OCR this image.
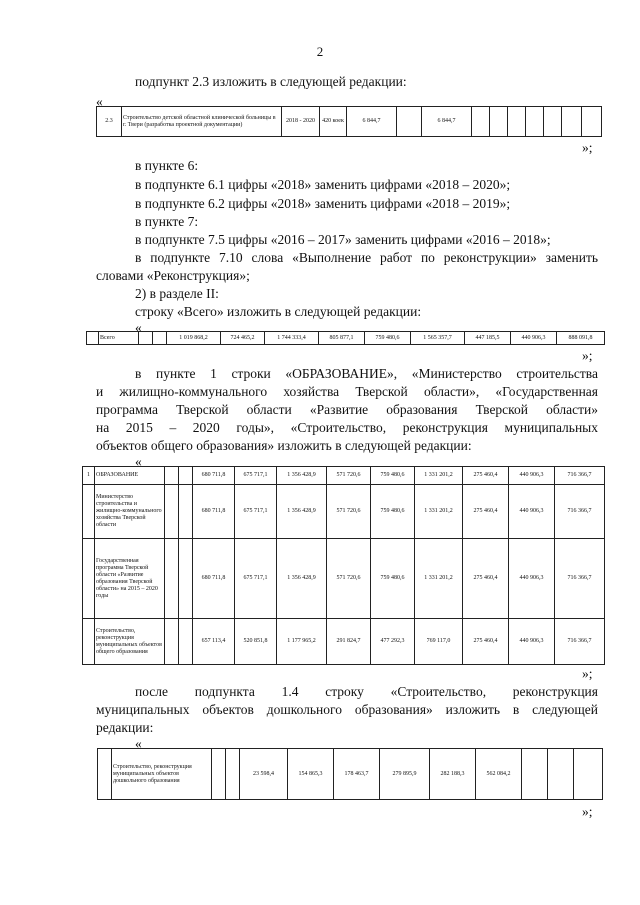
2
подпункт 2.3 изложить в следующей редакции:
«
2.3	Строительство детской областной клинической больницы в г. Твери (разработка проектной документации)	2018 - 2020	420 коек	6 844,7		6 844,7							
»;
в пункте 6:
в подпункте 6.1 цифры «2018» заменить цифрами «2018 – 2020»;
в подпункте 6.2 цифры «2018» заменить цифрами «2018 – 2019»;
в пункте 7:
в подпункте 7.5 цифры «2016 – 2017» заменить цифрами «2016 – 2018»;
в подпункте 7.10 слова «Выполнение работ по реконструкции» заменить
словами «Реконструкция»;
2) в разделе II:
строку «Всего» изложить в следующей редакции:
«
	Всего			1 019 868,2	724 465,2	1 744 333,4	805 877,1	759 480,6	1 565 357,7	447 185,5	440 906,3	888 091,8
»;
в пункте 1 строки «ОБРАЗОВАНИЕ», «Министерство строительства
и жилищно-коммунального хозяйства Тверской области», «Государственная
программа Тверской области «Развитие образования Тверской области»
на 2015 – 2020 годы», «Строительство, реконструкция муниципальных
объектов общего образования» изложить в следующей редакции:
«
1	ОБРАЗОВАНИЕ			680 711,8	675 717,1	1 356 428,9	571 720,6	759 480,6	1 331 201,2	275 460,4	440 906,3	716 366,7
	Министерство строительства и жилищно-коммунального хозяйства Тверской области			680 711,8	675 717,1	1 356 428,9	571 720,6	759 480,6	1 331 201,2	275 460,4	440 906,3	716 366,7
	Государственная программа Тверской области «Развитие образования Тверской области» на 2015 – 2020 годы			680 711,8	675 717,1	1 356 428,9	571 720,6	759 480,6	1 331 201,2	275 460,4	440 906,3	716 366,7
	Строительство, реконструкция муниципальных объектов общего образования			657 113,4	520 851,8	1 177 965,2	291 824,7	477 292,3	769 117,0	275 460,4	440 906,3	716 366,7
»;
после подпункта 1.4 строку «Строительство, реконструкция
муниципальных объектов дошкольного образования» изложить в следующей
редакции:
«
	Строительство, реконструкция муниципальных объектов дошкольного образования			23 598,4	154 865,3	178 463,7	279 895,9	282 188,3	562 084,2			
»;
